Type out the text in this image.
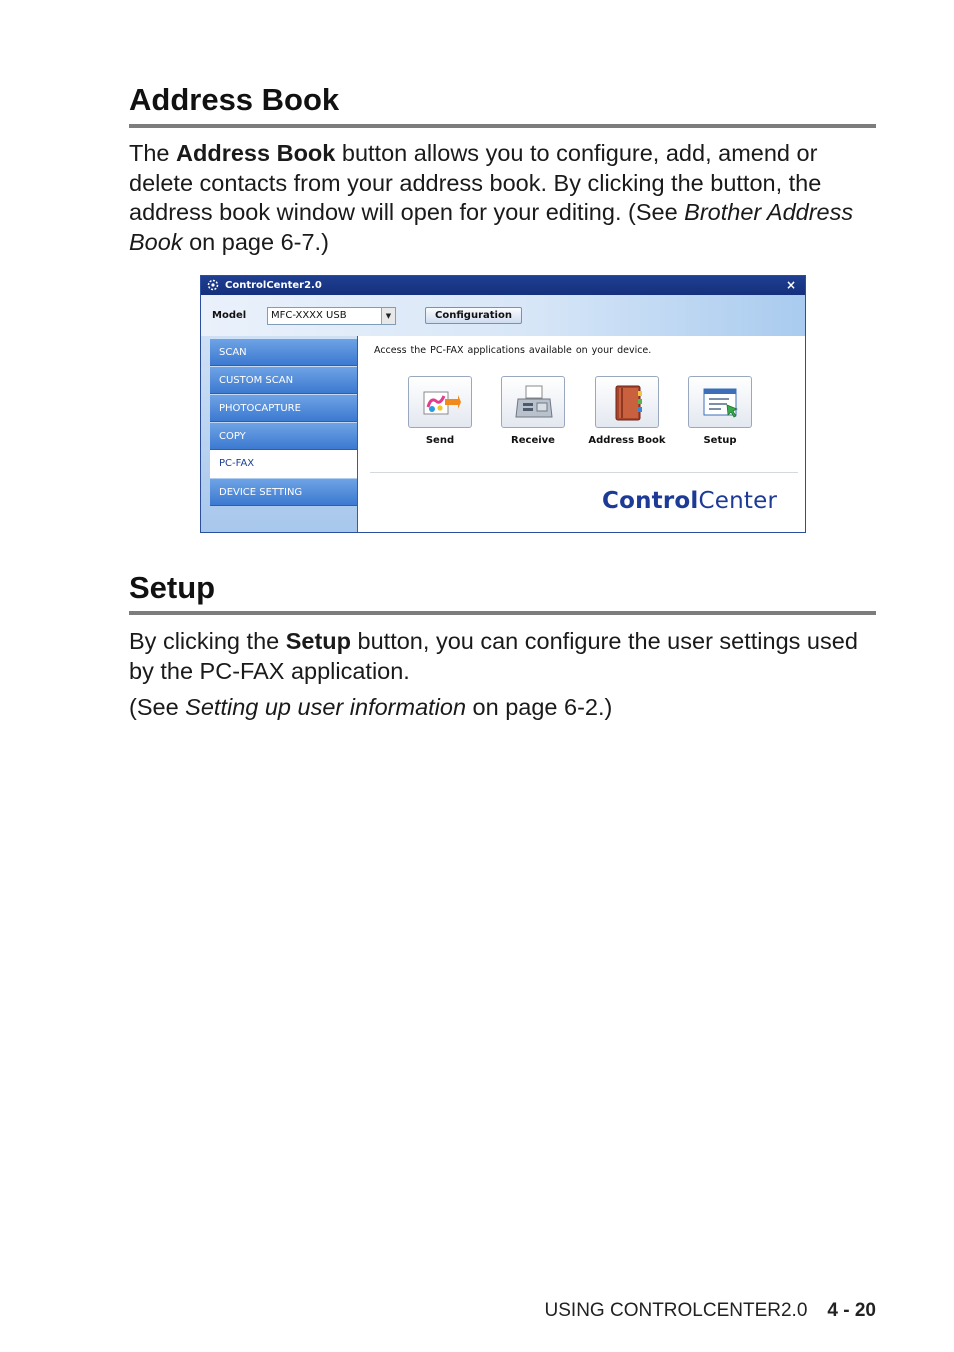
Address Book
The Address Book button allows you to configure, add, amend or delete contacts from your address book. By clicking the button, the address book window will open for your editing. (See Brother Address Book on page 6-7.)
ControlCenter2.0	×
Model	MFC-XXXX USB	▼	Configuration
SCAN
CUSTOM SCAN
PHOTOCAPTURE
COPY
PC-FAX
DEVICE SETTING
Access the PC-FAX applications available on your device.
Send	Receive	Address Book	Setup
ControlCenter
Setup
By clicking the Setup button, you can configure the user settings used by the PC-FAX application.
(See Setting up user information on page 6-2.)
USING CONTROLCENTER2.0 4 - 20
